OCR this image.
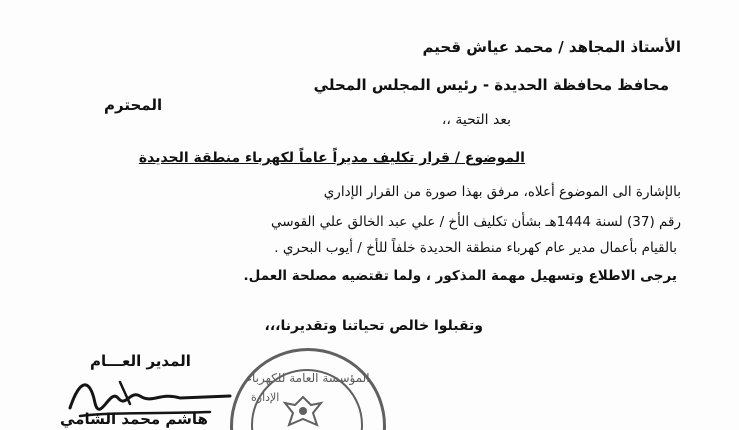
الأستاذ المجاهد / محمد عياش قحيم
محافظ محافظة الحديدة - رئيس المجلس المحلي
المحترم
بعد التحية ،،
الموضوع / قرار تكليف مديراً عاماً لكهرباء منطقة الحديدة
بالإشارة الى الموضوع أعلاه، مرفق بهذا صورة من القرار الإداري
رقم (37) لسنة 1444هـ بشأن تكليف الأخ / علي عبد الخالق علي القوسي
بالقيام بأعمال مدير عام كهرباء منطقة الحديدة خلفاً للأخ / أيوب البحري .
يرجى الاطلاع وتسهيل مهمة المذكور ، ولما تقتضيه مصلحة العمل.
وتقبلوا خالص تحياتنا وتقديرنا،،،
المدير العـــام
هاشم محمد الشامي
المؤسسة العامة للكهرباء
الإدارة
